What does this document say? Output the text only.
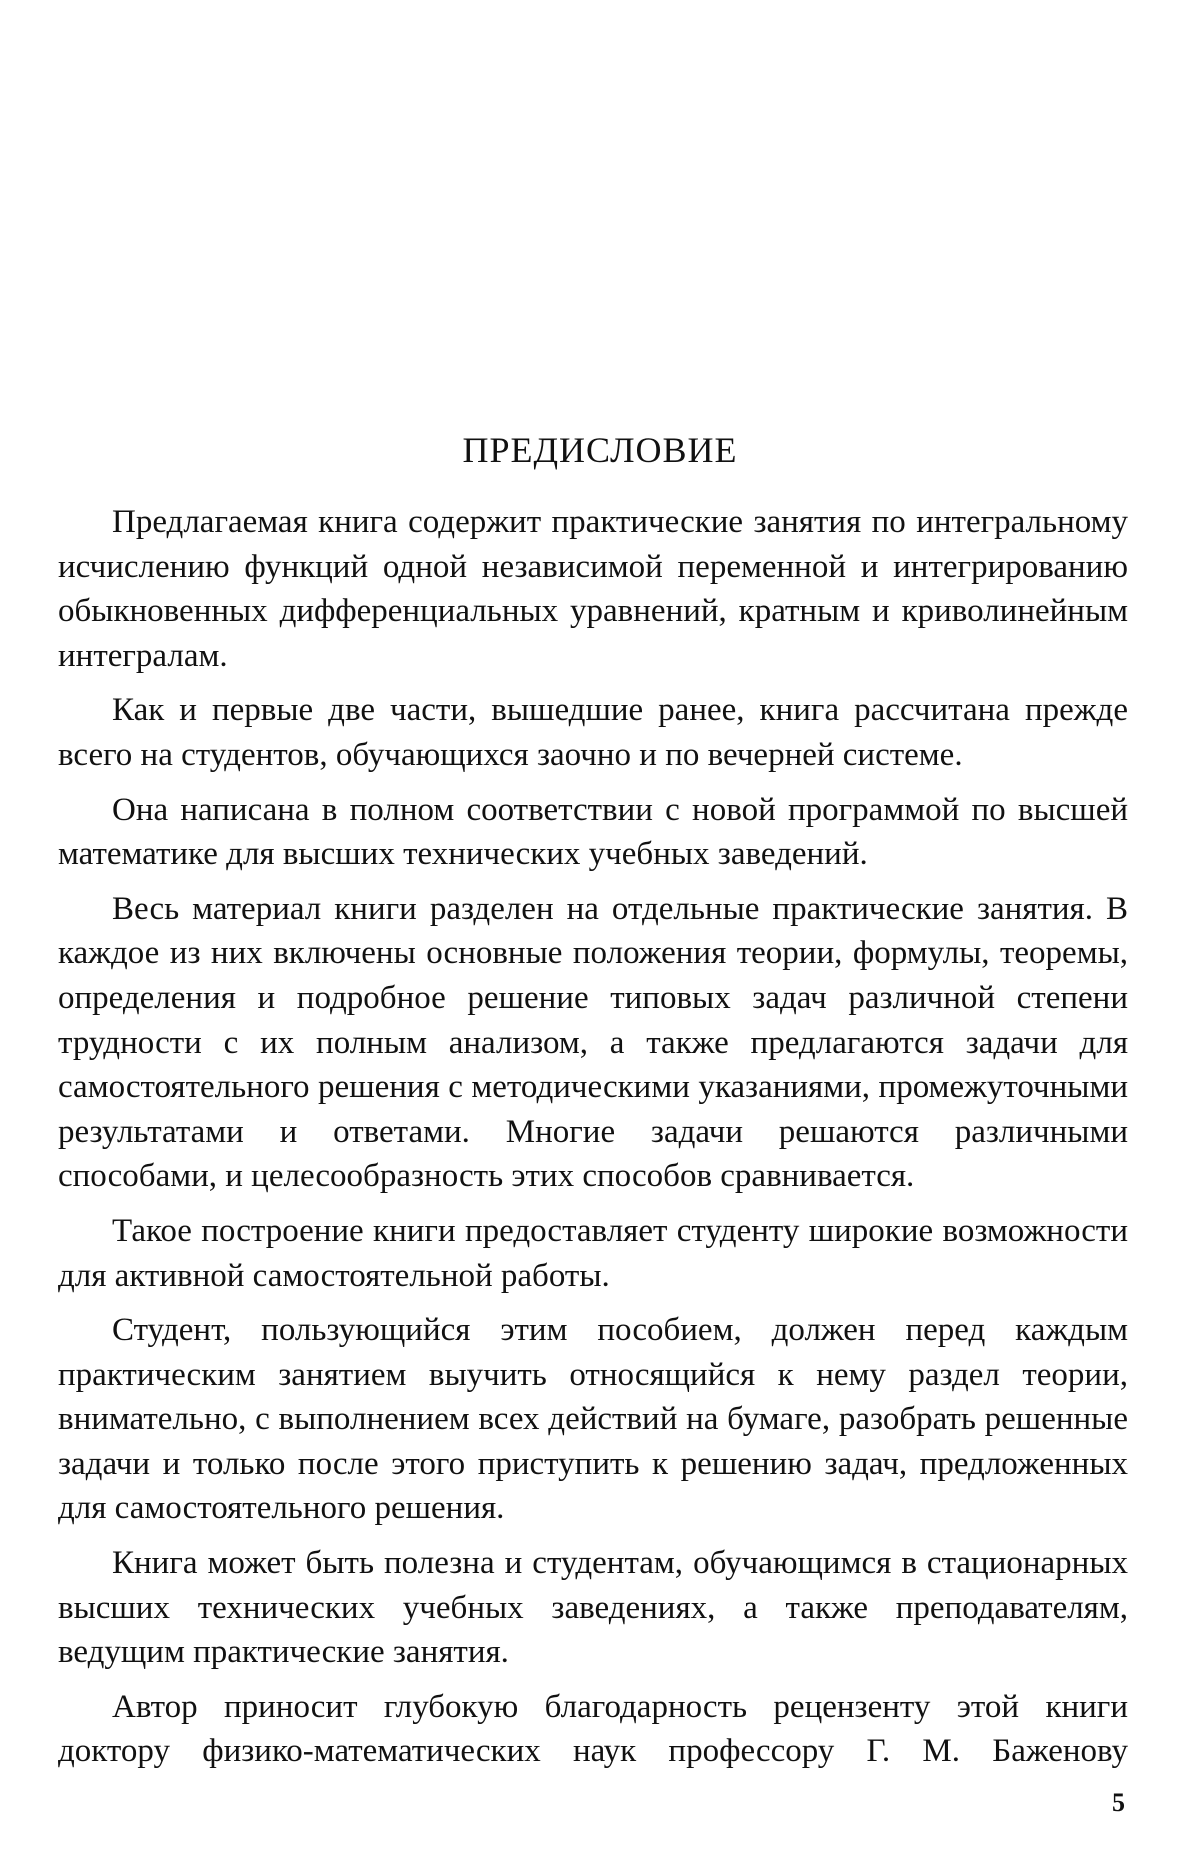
ПРЕДИСЛОВИЕ

Предлагаемая книга содержит практические занятия по интегральному исчислению функций одной независимой переменной и интегрированию обыкновенных дифференциальных уравнений, кратным и криволинейным интегралам.

Как и первые две части, вышедшие ранее, книга рассчитана прежде всего на студентов, обучающихся заочно и по вечерней системе.

Она написана в полном соответствии с новой программой по высшей математике для высших технических учебных заведений.

Весь материал книги разделен на отдельные практические занятия. В каждое из них включены основные положения теории, формулы, теоремы, определения и подробное решение типовых задач различной степени трудности с их полным анализом, а также предлагаются задачи для самостоятельного решения с методическими указаниями, промежуточными результатами и ответами. Многие задачи решаются различными способами, и целесообразность этих способов сравнивается.

Такое построение книги предоставляет студенту широкие возможности для активной самостоятельной работы.

Студент, пользующийся этим пособием, должен перед каждым практическим занятием выучить относящийся к нему раздел теории, внимательно, с выполнением всех действий на бумаге, разобрать решенные задачи и только после этого приступить к решению задач, предложенных для самостоятельного решения.

Книга может быть полезна и студентам, обучающимся в стационарных высших технических учебных заведениях, а также преподавателям, ведущим практические занятия.

Автор приносит глубокую благодарность рецензенту этой книги доктору физико-математических наук профессору Г. М. Баженову

5
